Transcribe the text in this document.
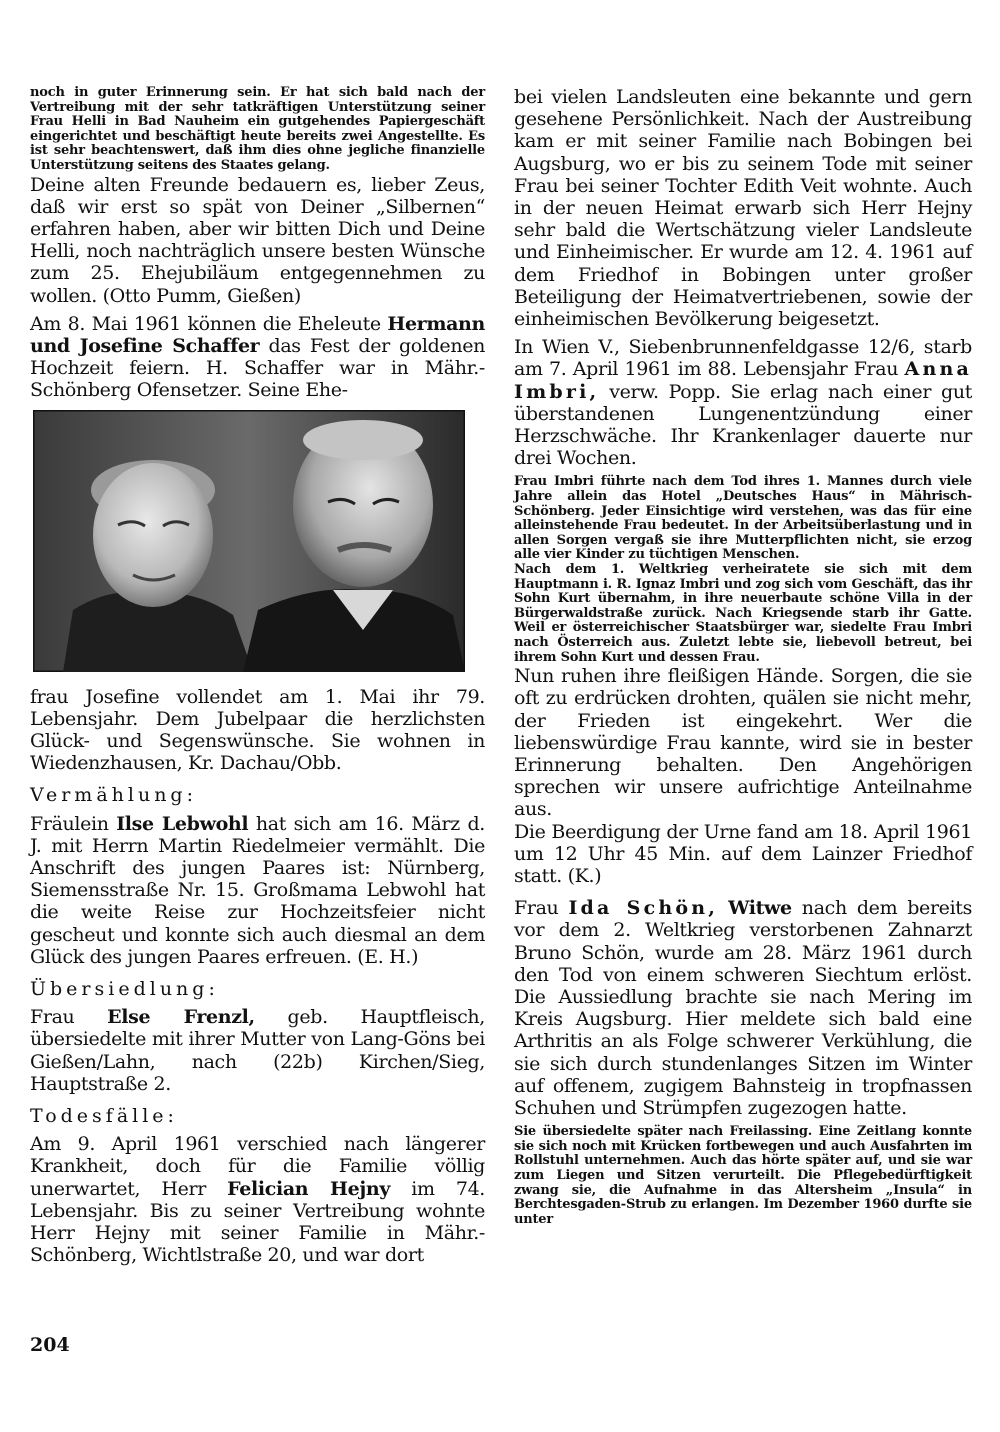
noch in guter Erinnerung sein. Er hat sich bald nach der Vertreibung mit der sehr tatkräftigen Unterstützung seiner Frau Helli in Bad Nauheim ein gutgehendes Papiergeschäft eingerichtet und beschäftigt heute bereits zwei Angestellte. Es ist sehr beachtenswert, daß ihm dies ohne jegliche finanzielle Unterstützung seitens des Staates gelang.

Deine alten Freunde bedauern es, lieber Zeus, daß wir erst so spät von Deiner „Silbernen“ erfahren haben, aber wir bitten Dich und Deine Helli, noch nachträglich unsere besten Wünsche zum 25. Ehejubiläum entgegennehmen zu wollen. (Otto Pumm, Gießen)

Am 8. Mai 1961 können die Eheleute Hermann und Josefine Schaffer das Fest der goldenen Hochzeit feiern. H. Schaffer war in Mähr.-Schönberg Ofensetzer. Seine Ehe-

frau Josefine vollendet am 1. Mai ihr 79. Lebensjahr. Dem Jubelpaar die herzlichsten Glück- und Segenswünsche. Sie wohnen in Wiedenzhausen, Kr. Dachau/Obb.

Vermählung:

Fräulein Ilse Lebwohl hat sich am 16. März d. J. mit Herrn Martin Riedelmeier vermählt. Die Anschrift des jungen Paares ist: Nürnberg, Siemensstraße Nr. 15. Großmama Lebwohl hat die weite Reise zur Hochzeitsfeier nicht gescheut und konnte sich auch diesmal an dem Glück des jungen Paares erfreuen. (E. H.)

Übersiedlung:

Frau Else Frenzl, geb. Hauptfleisch, übersiedelte mit ihrer Mutter von Lang-Göns bei Gießen/Lahn, nach (22b) Kirchen/Sieg, Hauptstraße 2.

Todesfälle:

Am 9. April 1961 verschied nach längerer Krankheit, doch für die Familie völlig unerwartet, Herr Felician Hejny im 74. Lebensjahr. Bis zu seiner Vertreibung wohnte Herr Hejny mit seiner Familie in Mähr.-Schönberg, Wichtlstraße 20, und war dort

bei vielen Landsleuten eine bekannte und gern gesehene Persönlichkeit. Nach der Austreibung kam er mit seiner Familie nach Bobingen bei Augsburg, wo er bis zu seinem Tode mit seiner Frau bei seiner Tochter Edith Veit wohnte. Auch in der neuen Heimat erwarb sich Herr Hejny sehr bald die Wertschätzung vieler Landsleute und Einheimischer. Er wurde am 12. 4. 1961 auf dem Friedhof in Bobingen unter großer Beteiligung der Heimatvertriebenen, sowie der einheimischen Bevölkerung beigesetzt.

In Wien V., Siebenbrunnenfeldgasse 12/6, starb am 7. April 1961 im 88. Lebensjahr Frau Anna Imbri, verw. Popp. Sie erlag nach einer gut überstandenen Lungenentzündung einer Herzschwäche. Ihr Krankenlager dauerte nur drei Wochen.

Frau Imbri führte nach dem Tod ihres 1. Mannes durch viele Jahre allein das Hotel „Deutsches Haus“ in Mährisch-Schönberg. Jeder Einsichtige wird verstehen, was das für eine alleinstehende Frau bedeutet. In der Arbeitsüberlastung und in allen Sorgen vergaß sie ihre Mutterpflichten nicht, sie erzog alle vier Kinder zu tüchtigen Menschen.

Nach dem 1. Weltkrieg verheiratete sie sich mit dem Hauptmann i. R. Ignaz Imbri und zog sich vom Geschäft, das ihr Sohn Kurt übernahm, in ihre neuerbaute schöne Villa in der Bürgerwaldstraße zurück. Nach Kriegsende starb ihr Gatte. Weil er österreichischer Staatsbürger war, siedelte Frau Imbri nach Österreich aus. Zuletzt lebte sie, liebevoll betreut, bei ihrem Sohn Kurt und dessen Frau.

Nun ruhen ihre fleißigen Hände. Sorgen, die sie oft zu erdrücken drohten, quälen sie nicht mehr, der Frieden ist eingekehrt. Wer die liebenswürdige Frau kannte, wird sie in bester Erinnerung behalten. Den Angehörigen sprechen wir unsere aufrichtige Anteilnahme aus.

Die Beerdigung der Urne fand am 18. April 1961 um 12 Uhr 45 Min. auf dem Lainzer Friedhof statt. (K.)

Frau Ida Schön, Witwe nach dem bereits vor dem 2. Weltkrieg verstorbenen Zahnarzt Bruno Schön, wurde am 28. März 1961 durch den Tod von einem schweren Siechtum erlöst. Die Aussiedlung brachte sie nach Mering im Kreis Augsburg. Hier meldete sich bald eine Arthritis an als Folge schwerer Verkühlung, die sie sich durch stundenlanges Sitzen im Winter auf offenem, zugigem Bahnsteig in tropfnassen Schuhen und Strümpfen zugezogen hatte.

Sie übersiedelte später nach Freilassing. Eine Zeitlang konnte sie sich noch mit Krücken fortbewegen und auch Ausfahrten im Rollstuhl unternehmen. Auch das hörte später auf, und sie war zum Liegen und Sitzen verurteilt. Die Pflegebedürftigkeit zwang sie, die Aufnahme in das Altersheim „Insula“ in Berchtesgaden-Strub zu erlangen. Im Dezember 1960 durfte sie unter

204
